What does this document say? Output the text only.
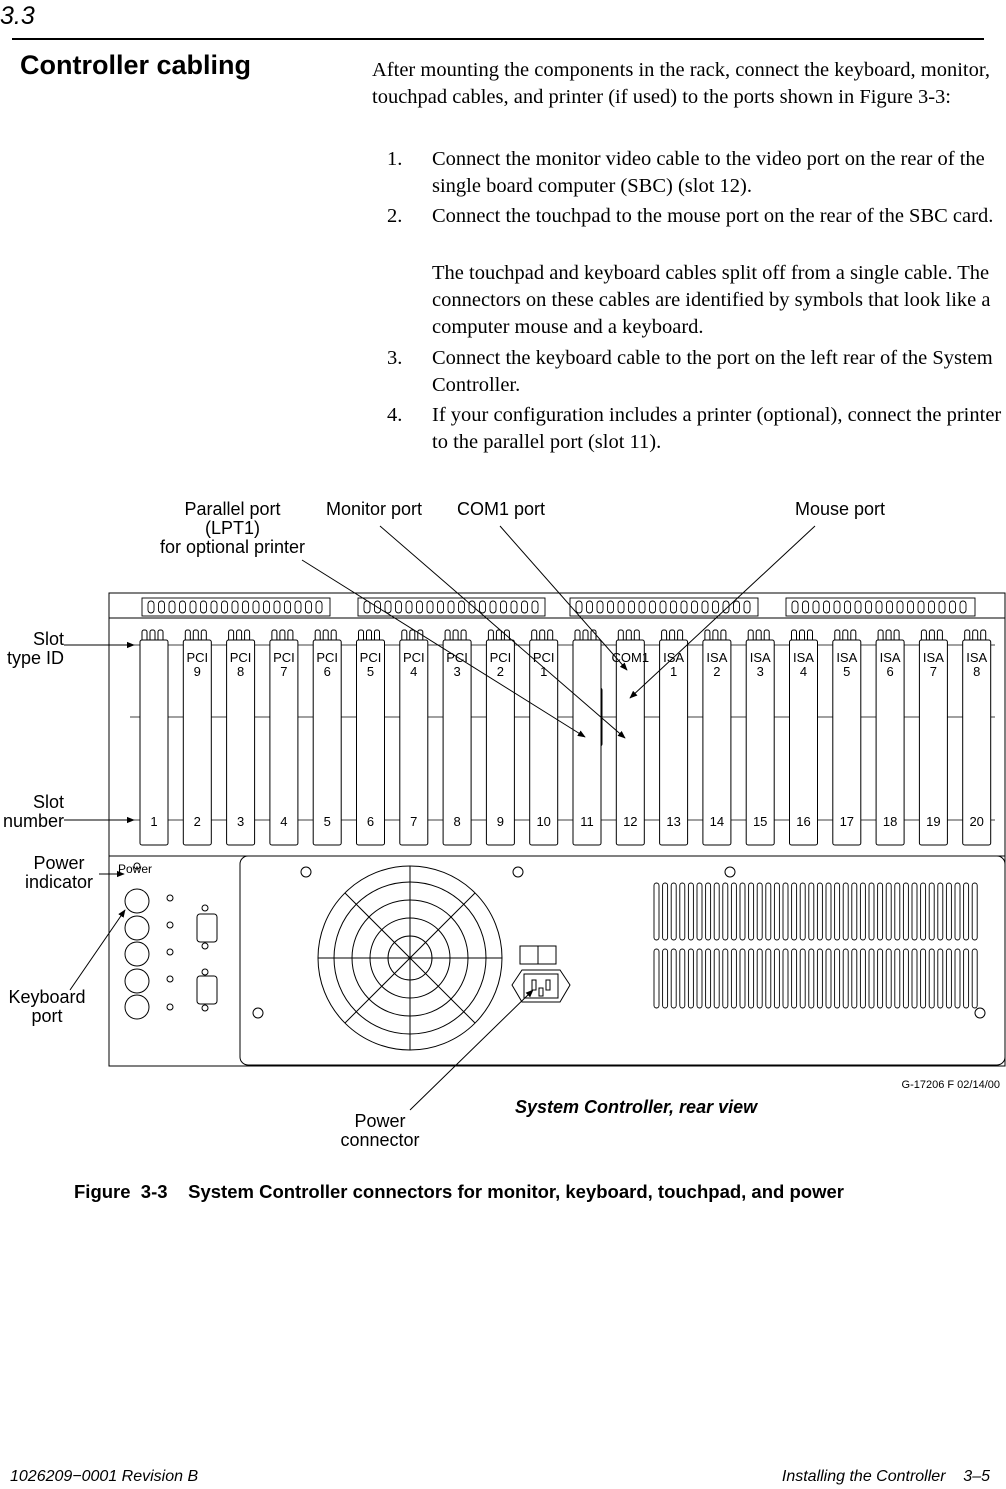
3.3
Controller cabling	After mounting the components in the rack, connect the keyboard, monitor, touchpad cables, and printer (if used) to the ports shown in Figure 3-3:
1. Connect the monitor video cable to the video port on the rear of the single board computer (SBC) (slot 12).
2. Connect the touchpad to the mouse port on the rear of the SBC card.
The touchpad and keyboard cables split off from a single cable. The connectors on these cables are identified by symbols that look like a computer mouse and a keyboard.
3. Connect the keyboard cable to the port on the left rear of the System Controller.
4. If your configuration includes a printer (optional), connect the printer to the parallel port (slot 11).
1
PCI
9
2
PCI
8
3
PCI
7
4
PCI
6
5
PCI
5
6
PCI
4
7
PCI
3
8
PCI
2
9
PCI
1
10 11
COM1
12
ISA
1
13
ISA
2
14
ISA
3
15
ISA
4
16
ISA
5
17
ISA
6
18
ISA
7
19
ISA
8
20
Parallel port
(LPT1)
for optional printer
Monitor port	COM1 port	Mouse port
Slot
type ID
Slot
number
Power
indicator
Keyboard
port
Power
connector
Power
G-17206 F 02/14/00
System Controller, rear view
Figure  3-3 System Controller connectors for monitor, keyboard, touchpad, and power
1026209−0001 Revision B	Installing the Controller 3–5
